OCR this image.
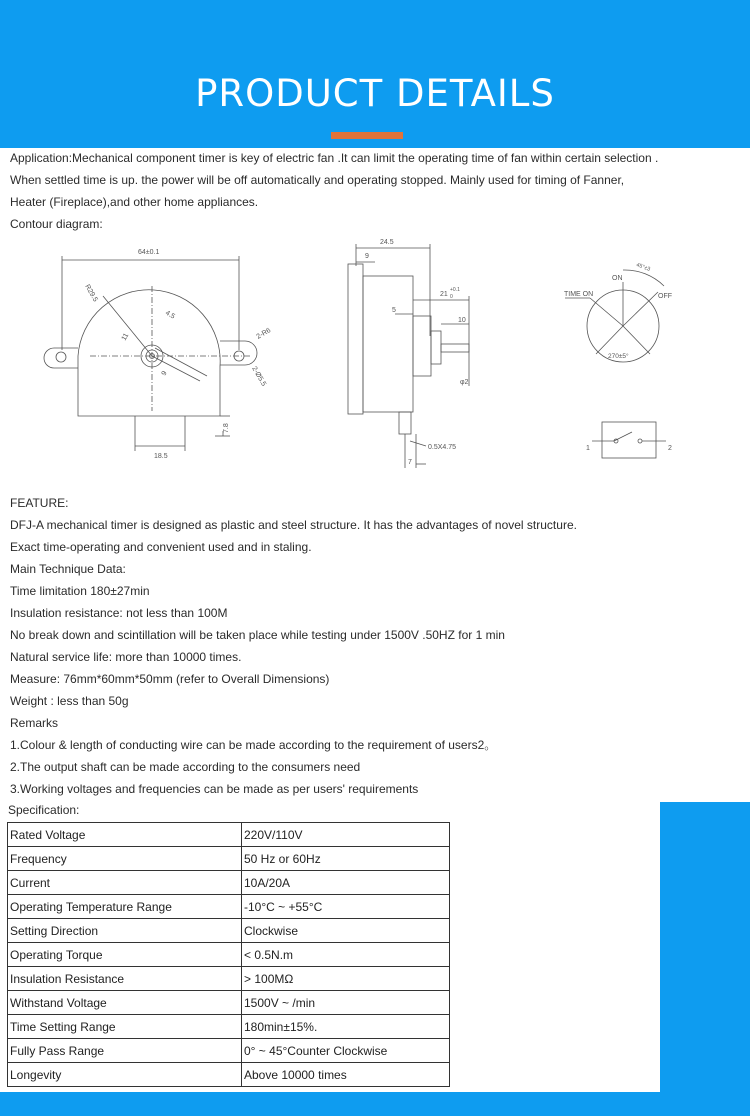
PRODUCT DETAILS
Application:Mechanical component timer is key of electric fan .It can limit the operating time of fan within certain selection .
When settled time is up. the power will be off automatically and operating stopped. Mainly used for timing of Fanner,
Heater (Fireplace),and other home appliances.
Contour diagram:
64±0.1
R29.5
4.5
11	2-R6
2-Ø5.5
9
18.5
7.8
24.5
9
21
+0.1
0
5
10
φ2
0.5X4.75
7
TIME ON
ON
OFF
45°±3
270±5°
1	2
FEATURE:
DFJ-A mechanical timer is designed as plastic and steel structure. It has the advantages of novel structure.
Exact time-operating and convenient used and in staling.
Main Technique Data:
Time limitation 180±27min
Insulation resistance: not less than 100M
No break down and scintillation will be taken place while testing under 1500V .50HZ for 1 min
Natural service life: more than 10000 times.
Measure: 76mm*60mm*50mm (refer to Overall Dimensions)
Weight : less than 50g
Remarks
1.Colour & length of conducting wire can be made according to the requirement of users2。
2.The output shaft can be made according to the consumers need
3.Working voltages and frequencies can be made as per users' requirements
Specification:
Rated Voltage	220V/110V
Frequency	50 Hz or 60Hz
Current	10A/20A
Operating Temperature Range	-10°C ~ +55°C
Setting Direction	Clockwise
Operating Torque	< 0.5N.m
Insulation Resistance	> 100MΩ
Withstand Voltage	1500V ~ /min
Time Setting Range	180min±15%.
Fully Pass Range	0° ~ 45°Counter Clockwise
Longevity	Above 10000 times
